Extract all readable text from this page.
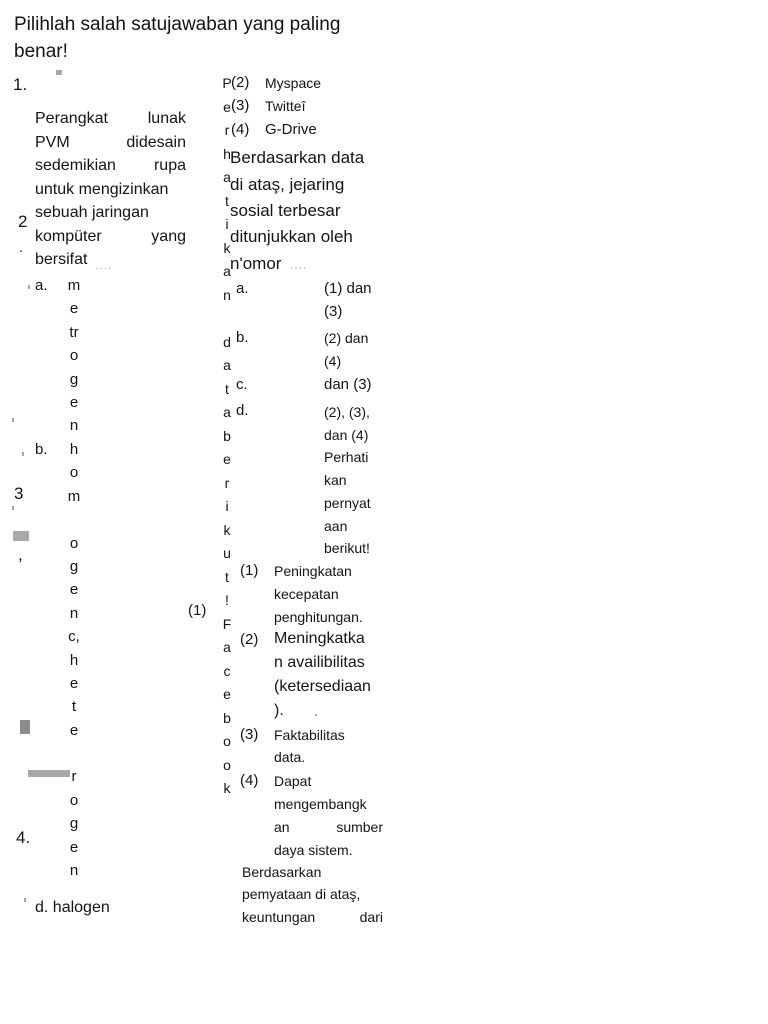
Pilihlah salah satujawaban yang paling
benar!
1.
2
.
3
,
4.
Perangkat lunak
PVM	didesain
sedemikian rupa
untuk mengizinkan
sebuah jaringan
kompüter	yang
bersifat ....
a. m
e
tr
o
g
e
n
b. h
o
m
o
g
e
n
c,
h
e
t
e
r
o
g
e
n
d. halogen
P
e
r
h
a
t
i
k
a
n
d
a
t
a
b
e
r
i
k
u
t
!
F
a
c
e
b
o
o
k
(1)
(2) Myspace
(3) Twitteî
(4) G-Drive
Berdasarkan data
di ataş, jejaring
sosial terbesar
ditunjukkan oleh
n'omor ....
a.	(1) dan
(3)
b.	(2) dan
(4)
c.	dan (3)
d.	(2), (3),
dan (4)
Perhati
kan
pernyat
aan
berikut!
(1) Peningkatan
kecepatan
penghitungan.
(2) Meningkatka
n availibilitas
(ketersediaan
).
(3) Faktabilitas
data.
(4) Dapat
mengembangk
an	sumber
daya sistem.
Berdasarkan
pemyataan di ataş,
keuntungan	dari
